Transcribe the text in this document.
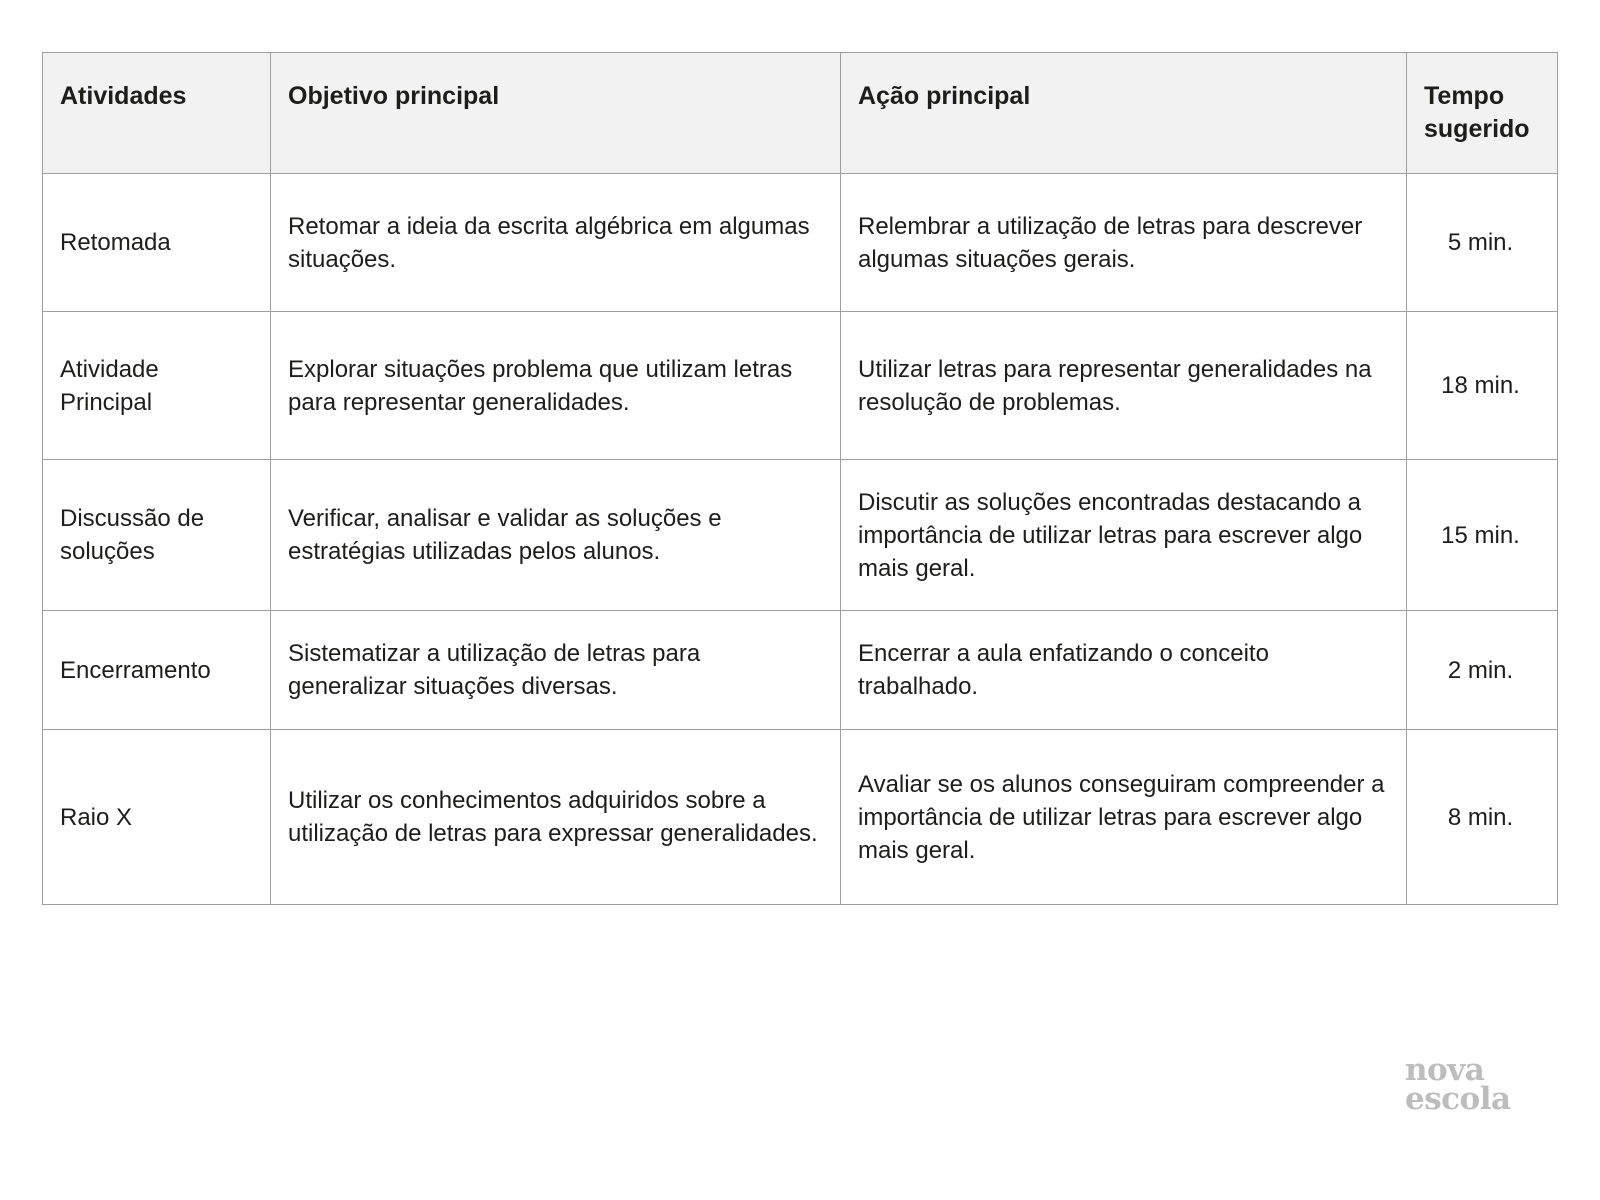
Atividades	Objetivo principal	Ação principal	Tempo sugerido
Retomada	Retomar a ideia da escrita algébrica em algumas situações.	Relembrar a utilização de letras para descrever algumas situações gerais.	5 min.
Atividade Principal	Explorar situações problema que utilizam letras para representar generalidades.	Utilizar letras para representar generalidades na resolução de problemas.	18 min.
Discussão de soluções	Verificar, analisar e validar as soluções e estratégias utilizadas pelos alunos.	Discutir as soluções encontradas destacando a importância de utilizar letras para escrever algo mais geral.	15 min.
Encerramento	Sistematizar a utilização de letras para generalizar situações diversas.	Encerrar a aula enfatizando o conceito trabalhado.	2 min.
Raio X	Utilizar os conhecimentos adquiridos sobre a utilização de letras para expressar generalidades.	Avaliar se os alunos conseguiram compreender a importância de utilizar letras para escrever algo mais geral.	8 min.
nova
escola
